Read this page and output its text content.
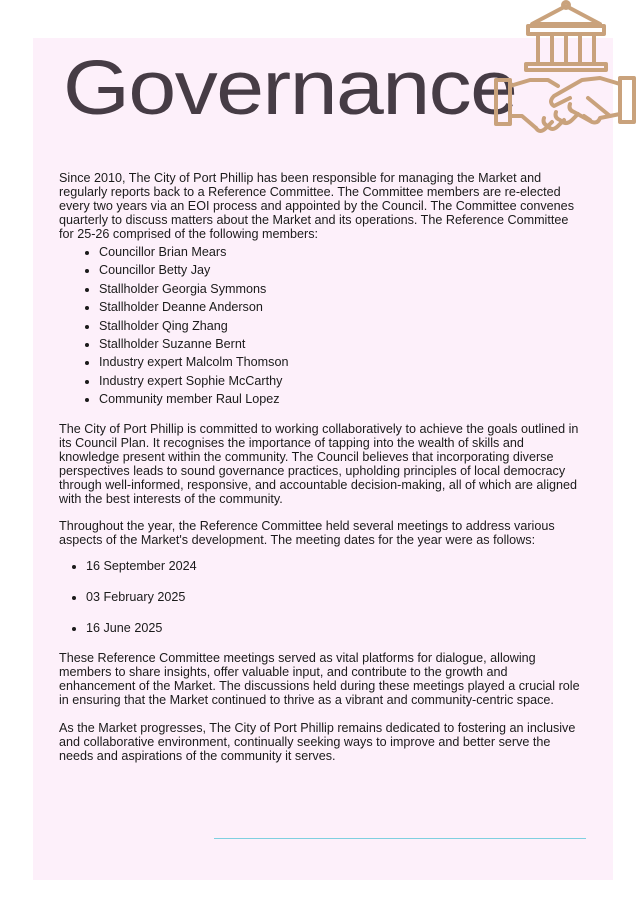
Governance

Since 2010, The City of Port Phillip has been responsible for managing the Market and regularly reports back to a Reference Committee. The Committee members are re-elected every two years via an EOI process and appointed by the Council. The Committee convenes quarterly to discuss matters about the Market and its operations. The Reference Committee for 25-26 comprised of the following members:

• Councillor Brian Mears
• Councillor Betty Jay
• Stallholder Georgia Symmons
• Stallholder Deanne Anderson
• Stallholder Qing Zhang
• Stallholder Suzanne Bernt
• Industry expert Malcolm Thomson
• Industry expert Sophie McCarthy
• Community member Raul Lopez

The City of Port Phillip is committed to working collaboratively to achieve the goals outlined in its Council Plan. It recognises the importance of tapping into the wealth of skills and knowledge present within the community. The Council believes that incorporating diverse perspectives leads to sound governance practices, upholding principles of local democracy through well-informed, responsive, and accountable decision-making, all of which are aligned with the best interests of the community.

Throughout the year, the Reference Committee held several meetings to address various aspects of the Market's development. The meeting dates for the year were as follows:

• 16 September 2024
• 03 February 2025
• 16 June 2025

These Reference Committee meetings served as vital platforms for dialogue, allowing members to share insights, offer valuable input, and contribute to the growth and enhancement of the Market. The discussions held during these meetings played a crucial role in ensuring that the Market continued to thrive as a vibrant and community-centric space.

As the Market progresses, The City of Port Phillip remains dedicated to fostering an inclusive and collaborative environment, continually seeking ways to improve and better serve the needs and aspirations of the community it serves.
